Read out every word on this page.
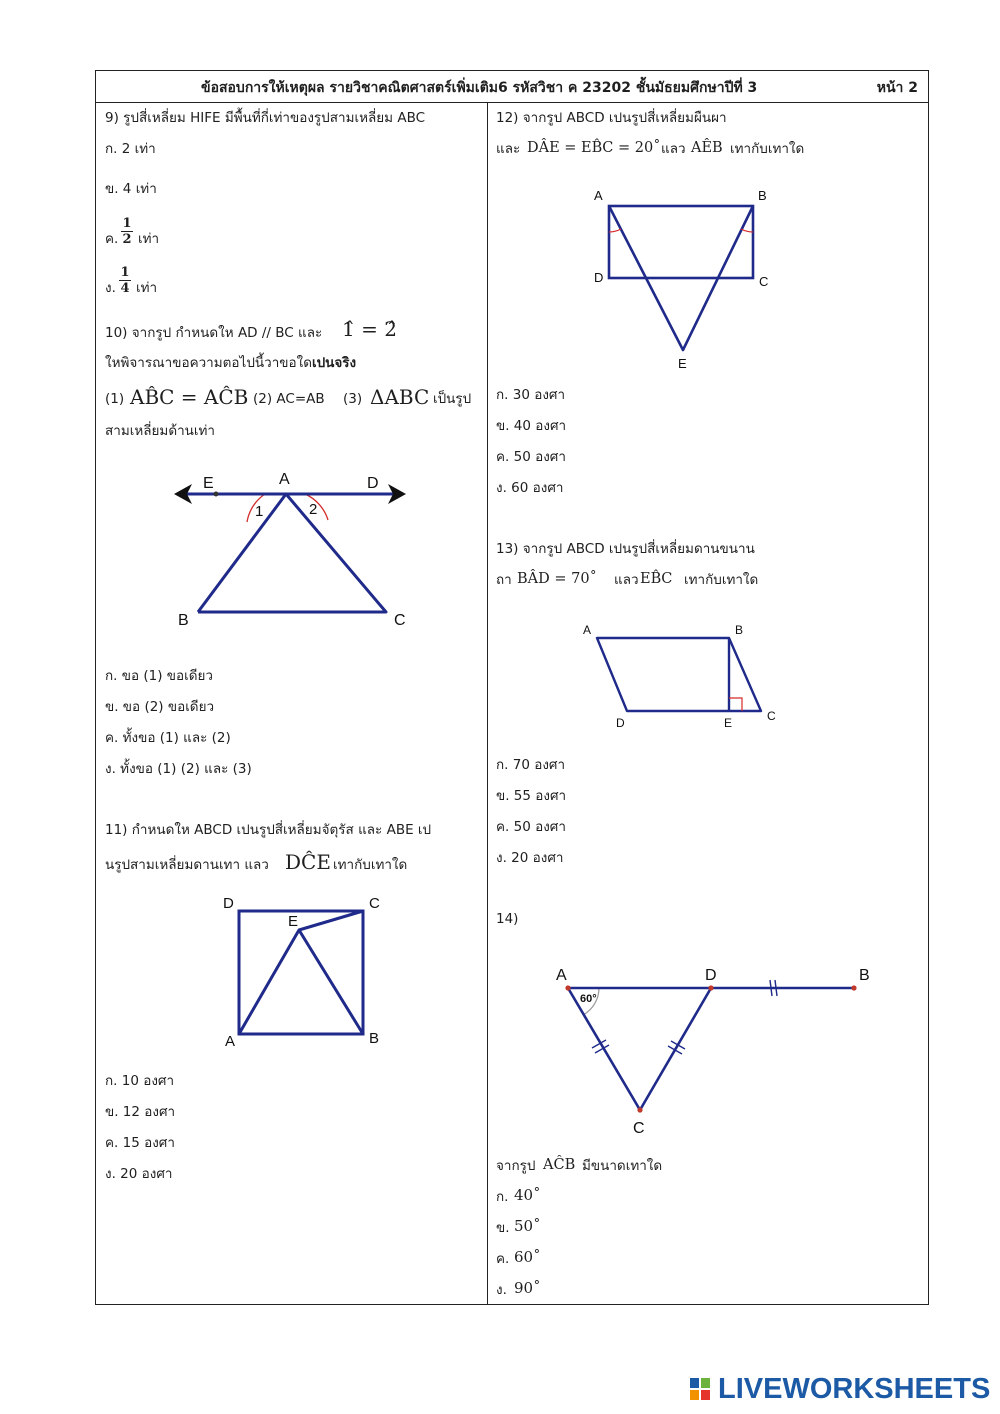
ข้อสอบการให้เหตุผล รายวิชาคณิตศาสตร์เพิ่มเติม6 รหัสวิชา ค 23202 ชั้นมัธยมศึกษาปีที่ 3	หน้า 2
9) รูปสี่เหลี่ยม HIFE มีพื้นที่กี่เท่าของรูปสามเหลี่ยม ABC
ก. 2 เท่า
ข. 4 เท่า
ค. $\frac{1}{2}$ เท่า
ง. $\frac{1}{4}$ เท่า
10) จากรูป กำหนดให AD // BC และ 1̂ = 2̂
ใหพิจารณาขอความตอไปนี้วาขอใดเปนจริง
(1) AB̂C = AĈB (2) AC=AB (3) ΔABC เป็นรูป
สามเหลี่ยมด้านเท่า
E	A	D
B	C
1	2
ก. ขอ (1) ขอเดียว
ข. ขอ (2) ขอเดียว
ค. ทั้งขอ (1) และ (2)
ง. ทั้งขอ (1) (2) และ (3)
11) กำหนดให ABCD เปนรูปสี่เหลี่ยมจัตุรัส และ ABE เป
นรูปสามเหลี่ยมดานเทา แลว DĈE เทากับเทาใด
D	C
E
A	B
ก. 10 องศา
ข. 12 องศา
ค. 15 องศา
ง. 20 องศา
12) จากรูป ABCD เปนรูปสี่เหลี่ยมผืนผา
และ DÂE = EB̂C = 20˚ แลว AÊB เทากับเทาใด
A	B
D	C
E
ก. 30 องศา
ข. 40 องศา
ค. 50 องศา
ง. 60 องศา
13) จากรูป ABCD เปนรูปสี่เหลี่ยมดานขนาน
ถา BÂD = 70˚ แลว EB̂C เทากับเทาใด
A	B
D	E	C
ก. 70 องศา
ข. 55 องศา
ค. 50 องศา
ง. 20 องศา
14)
A	D	B
C
60°
จากรูป AĈB มีขนาดเทาใด
ก. 40˚
ข. 50˚
ค. 60˚
ง. 90˚
LIVEWORKSHEETS
